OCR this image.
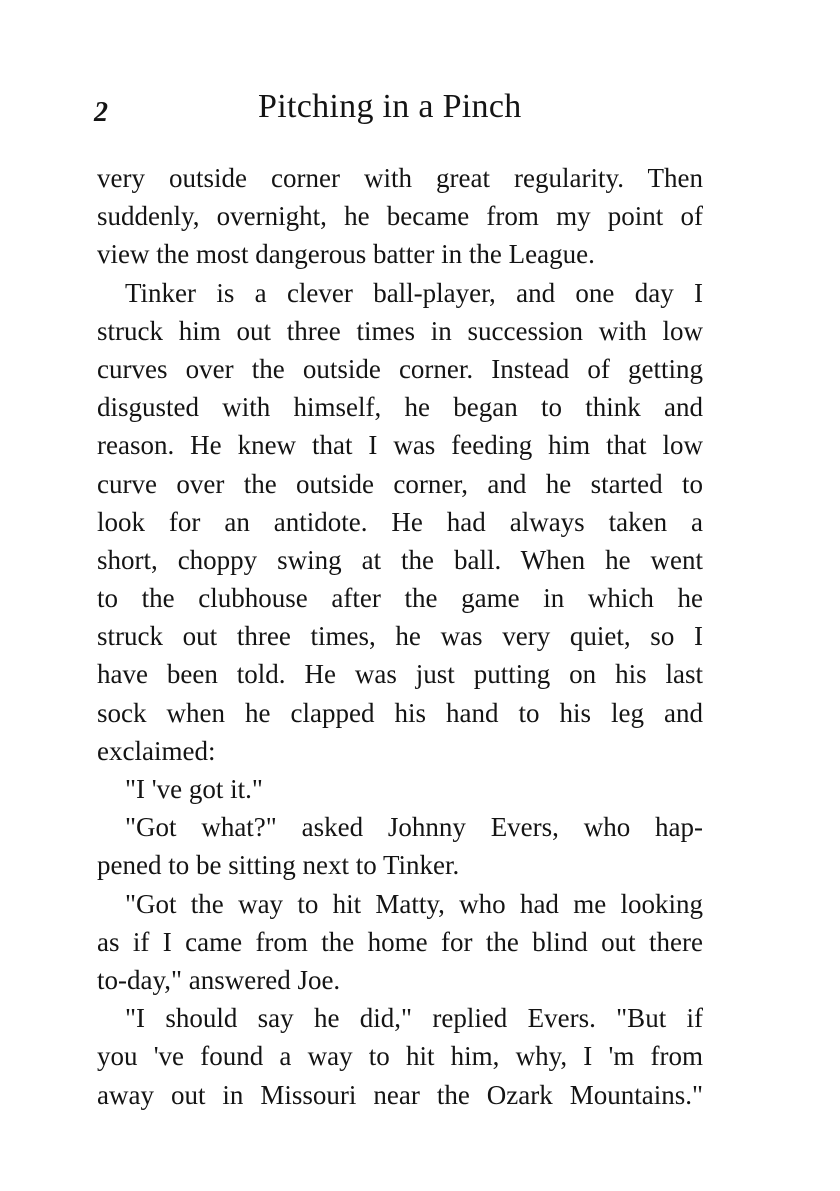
2	Pitching in a Pinch
very outside corner with great regularity. Then
suddenly, overnight, he became from my point of
view the most dangerous batter in the League.
Tinker is a clever ball-player, and one day I
struck him out three times in succession with low
curves over the outside corner. Instead of getting
disgusted with himself, he began to think and
reason. He knew that I was feeding him that low
curve over the outside corner, and he started to
look for an antidote. He had always taken a
short, choppy swing at the ball. When he went
to the clubhouse after the game in which he
struck out three times, he was very quiet, so I
have been told. He was just putting on his last
sock when he clapped his hand to his leg and
exclaimed:
"I 've got it."
"Got what?" asked Johnny Evers, who hap-
pened to be sitting next to Tinker.
"Got the way to hit Matty, who had me looking
as if I came from the home for the blind out there
to-day," answered Joe.
"I should say he did," replied Evers. "But if
you 've found a way to hit him, why, I 'm from
away out in Missouri near the Ozark Mountains."
